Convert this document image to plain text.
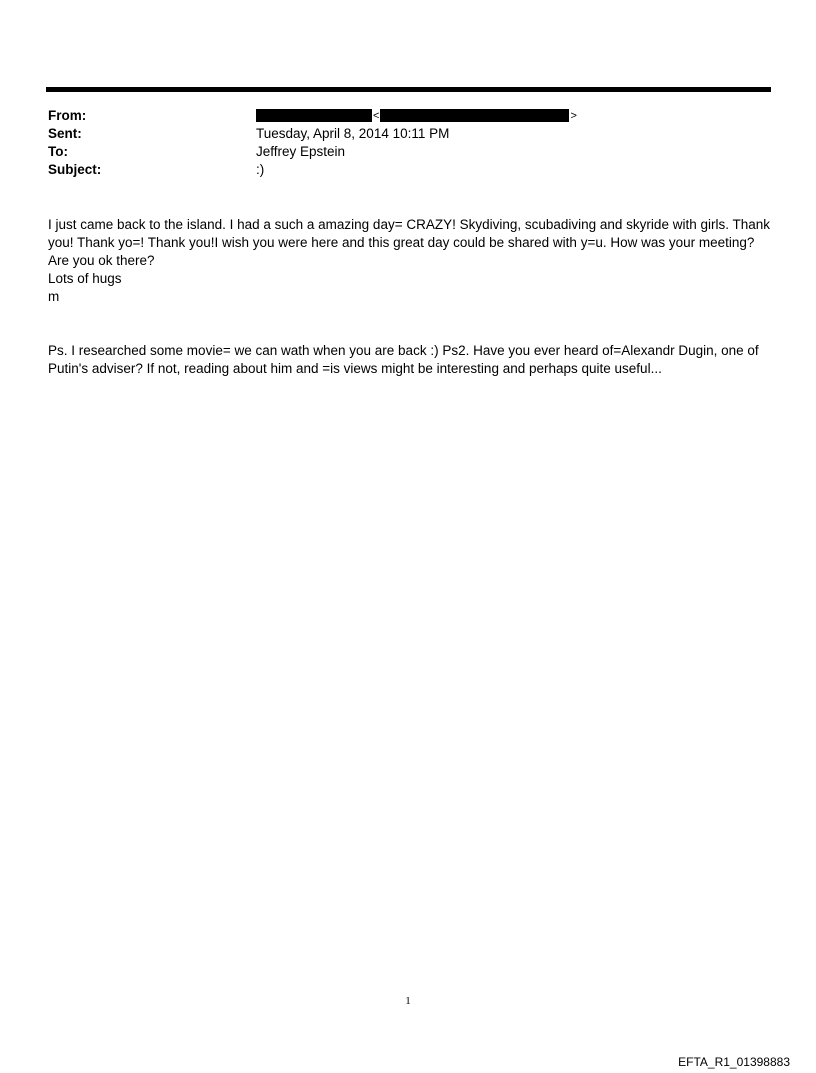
From:	<	>
Sent:	Tuesday, April 8, 2014 10:11 PM
To:	Jeffrey Epstein
Subject:	:)
I just came back to the island. I had a such a amazing day= CRAZY! Skydiving, scubadiving and skyride with girls. Thank
you! Thank yo=! Thank you!I wish you were here and this great day could be shared with y=u. How was your meeting?
Are you ok there?
Lots of hugs
m
Ps. I researched some movie= we can wath when you are back :) Ps2. Have you ever heard of=Alexandr Dugin, one of
Putin's adviser? If not, reading about him and =is views might be interesting and perhaps quite useful...
1
EFTA_R1_01398883
